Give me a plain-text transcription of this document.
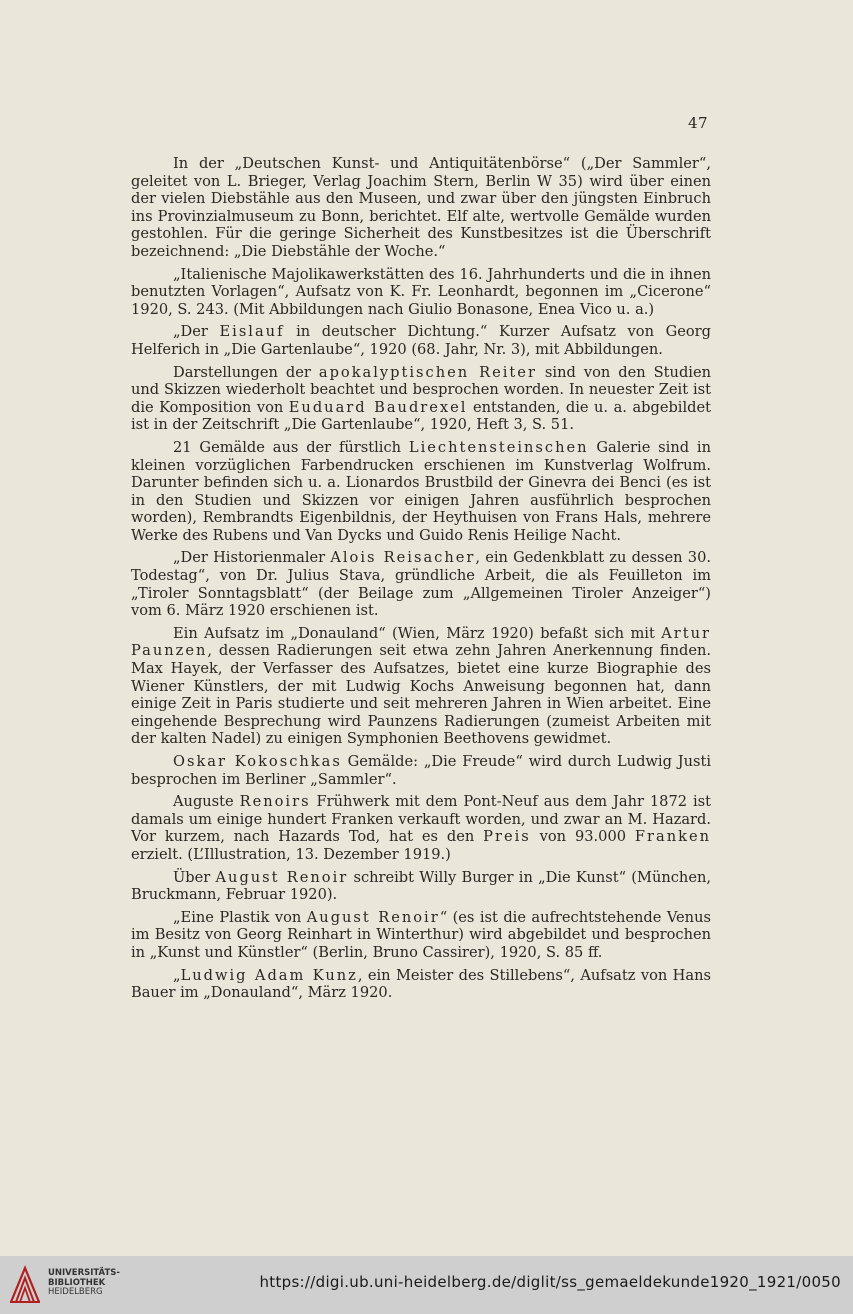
47

In der „Deutschen Kunst- und Antiquitätenbörse“ („Der Sammler“, geleitet von L. Brieger, Verlag Joachim Stern, Berlin W 35) wird über einen der vielen Diebstähle aus den Museen, und zwar über den jüngsten Einbruch ins Provinzialmuseum zu Bonn, berichtet. Elf alte, wertvolle Gemälde wurden gestohlen. Für die geringe Sicherheit des Kunstbesitzes ist die Überschrift bezeichnend: „Die Diebstähle der Woche.“

„Italienische Majolikawerkstätten des 16. Jahrhunderts und die in ihnen benutzten Vorlagen“, Aufsatz von K. Fr. Leonhardt, begonnen im „Cicerone“ 1920, S. 243. (Mit Abbildungen nach Giulio Bonasone, Enea Vico u. a.)

„Der Eislauf in deutscher Dichtung.“ Kurzer Aufsatz von Georg Helferich in „Die Gartenlaube“, 1920 (68. Jahr, Nr. 3), mit Abbildungen.

Darstellungen der apokalyptischen Reiter sind von den Studien und Skizzen wiederholt beachtet und besprochen worden. In neuester Zeit ist die Komposition von Euduard Baudrexel entstanden, die u. a. abgebildet ist in der Zeitschrift „Die Gartenlaube“, 1920, Heft 3, S. 51.

21 Gemälde aus der fürstlich Liechtensteinschen Galerie sind in kleinen vorzüglichen Farbendrucken erschienen im Kunstverlag Wolfrum. Darunter befinden sich u. a. Lionardos Brustbild der Ginevra dei Benci (es ist in den Studien und Skizzen vor einigen Jahren ausführlich besprochen worden), Rembrandts Eigenbildnis, der Heythuisen von Frans Hals, mehrere Werke des Rubens und Van Dycks und Guido Renis Heilige Nacht.

„Der Historienmaler Alois Reisacher, ein Gedenkblatt zu dessen 30. Todestag“, von Dr. Julius Stava, gründliche Arbeit, die als Feuilleton im „Tiroler Sonntagsblatt“ (der Beilage zum „Allgemeinen Tiroler Anzeiger“) vom 6. März 1920 erschienen ist.

Ein Aufsatz im „Donauland“ (Wien, März 1920) befaßt sich mit Artur Paunzen, dessen Radierungen seit etwa zehn Jahren Anerkennung finden. Max Hayek, der Verfasser des Aufsatzes, bietet eine kurze Biographie des Wiener Künstlers, der mit Ludwig Kochs Anweisung begonnen hat, dann einige Zeit in Paris studierte und seit mehreren Jahren in Wien arbeitet. Eine eingehende Besprechung wird Paunzens Radierungen (zumeist Arbeiten mit der kalten Nadel) zu einigen Symphonien Beethovens gewidmet.

Oskar Kokoschkas Gemälde: „Die Freude“ wird durch Ludwig Justi besprochen im Berliner „Sammler“.

Auguste Renoirs Frühwerk mit dem Pont-Neuf aus dem Jahr 1872 ist damals um einige hundert Franken verkauft worden, und zwar an M. Hazard. Vor kurzem, nach Hazards Tod, hat es den Preis von 93.000 Franken erzielt. (L’Illustration, 13. Dezember 1919.)

Über August Renoir schreibt Willy Burger in „Die Kunst“ (München, Bruckmann, Februar 1920).

„Eine Plastik von August Renoir“ (es ist die aufrechtstehende Venus im Besitz von Georg Reinhart in Winterthur) wird abgebildet und besprochen in „Kunst und Künstler“ (Berlin, Bruno Cassirer), 1920, S. 85 ff.

„Ludwig Adam Kunz, ein Meister des Stillebens“, Aufsatz von Hans Bauer im „Donauland“, März 1920.

UNIVERSITÄTS-
BIBLIOTHEK
HEIDELBERG
https://digi.ub.uni-heidelberg.de/diglit/ss_gemaeldekunde1920_1921/0050
